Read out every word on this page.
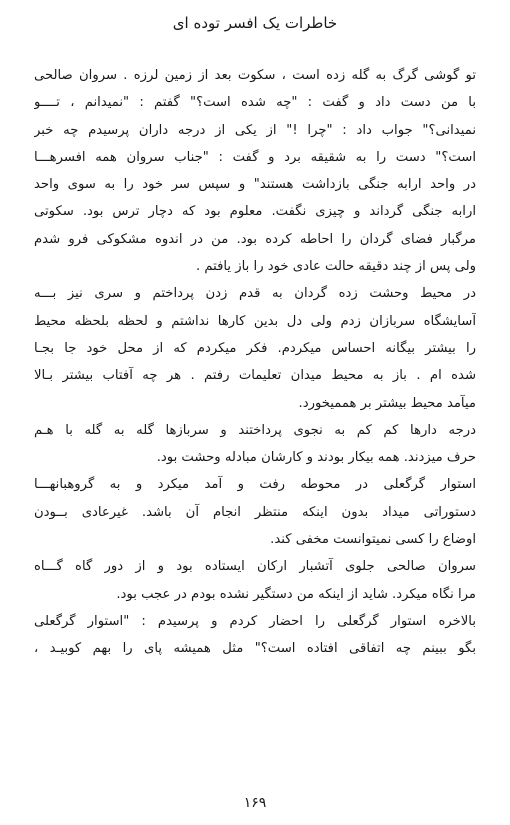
خاطرات یک افسر توده ای
تو گوشی گرگ به گله زده است ، سکوت بعد از زمین لرزه . سروان صالحی
با من دست داد و گفت : "چه شده است؟" گفتم : "نمیدانم ، تــــو
نمیدانی؟" جواب داد : "چرا !" از یکی از درجه داران پرسیدم چه خبر
است؟" دست را به شقیقه برد و گفت : "جناب سروان همه افسرهـــا
در واحد ارابه جنگی بازداشت هستند" و سپس سر خود را به سوی واحد
ارابه جنگی گرداند و چیزی نگفت. معلوم بود که دچار ترس بود. سکوتی
مرگبار فضای گردان را احاطه کرده بود. من در اندوه مشکوکی فرو شدم
ولی پس از چند دقیقه حالت عادی خود را باز یافتم .
در محیط وحشت زده گردان به قدم زدن پرداختم و سری نیز بـــه
آسایشگاه سربازان زدم ولی دل بدین کارها نداشتم و لحظه بلحظه محیط
را بیشتر بیگانه احساس میکردم. فکر میکردم که از محل خود جا بجـا
شده ام . باز به محیط میدان تعلیمات رفتم . هر چه آفتاب بیشتر بـالا
میآمد محیط بیشتر بر هممیخورد.
درجه دارها کم کم به نجوی پرداختند و سربازها گله به گله با هـم
حرف میزدند. همه بیکار بودند و کارشان مبادله وحشت بود.
استوار گرگعلی در محوطه رفت و آمد میکرد و به گروهبانهـــا
دستوراتی میداد بدون اینکه منتظر انجام آن باشد. غیرعادی بــودن
اوضاع را کسی نمیتوانست مخفی کند.
سروان صالحی جلوی آتشبار ارکان ایستاده بود و از دور گاه گـــاه
مرا نگاه میکرد. شاید از اینکه من دستگیر نشده بودم در عجب بود.
بالاخره استوار گرگعلی را احضار کردم و پرسیدم : "استوار گرگعلی
بگو ببینم چه اتفاقی افتاده است؟" مثل همیشه پای را بهم کوبیـد ،
۱۶۹
